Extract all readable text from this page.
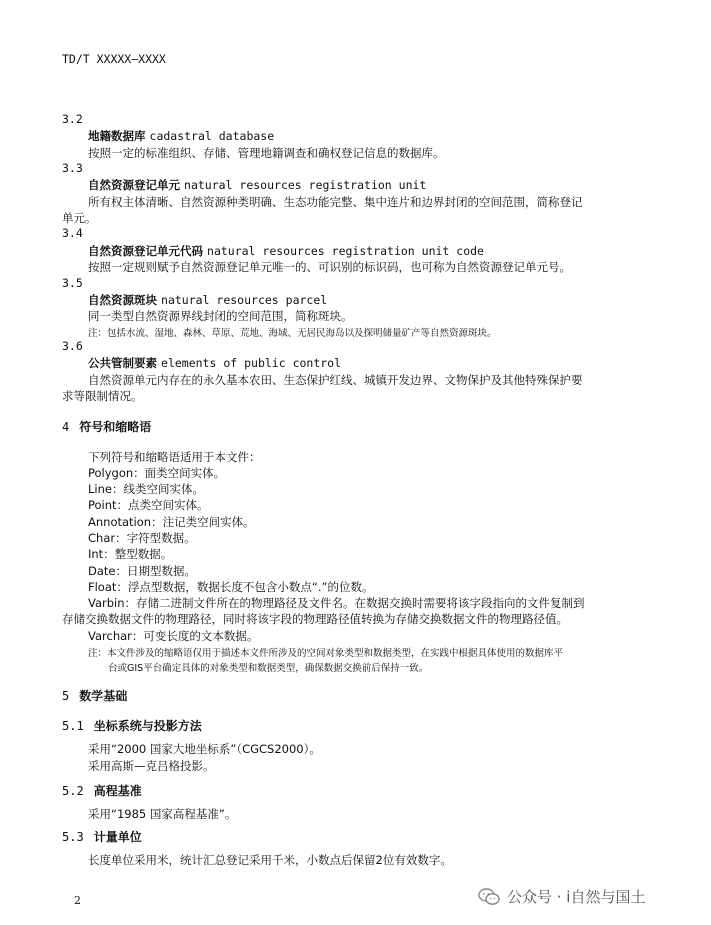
TD/T XXXXX—XXXX
3.2
地籍数据库 cadastral database
按照一定的标准组织、存储、管理地籍调查和确权登记信息的数据库。
3.3
自然资源登记单元 natural resources registration unit
所有权主体清晰、自然资源种类明确、生态功能完整、集中连片和边界封闭的空间范围，简称登记
单元。
3.4
自然资源登记单元代码 natural resources registration unit code
按照一定规则赋予自然资源登记单元唯一的、可识别的标识码，也可称为自然资源登记单元号。
3.5
自然资源斑块 natural resources parcel
同一类型自然资源界线封闭的空间范围，简称斑块。
注：包括水流、湿地、森林、草原、荒地、海域、无居民海岛以及探明储量矿产等自然资源斑块。
3.6
公共管制要素 elements of public control
自然资源单元内存在的永久基本农田、生态保护红线、城镇开发边界、文物保护及其他特殊保护要
求等限制情况。
4 符号和缩略语
下列符号和缩略语适用于本文件：
Polygon：面类空间实体。
Line：线类空间实体。
Point：点类空间实体。
Annotation：注记类空间实体。
Char：字符型数据。
Int：整型数据。
Date：日期型数据。
Float：浮点型数据，数据长度不包含小数点“.”的位数。
Varbin：存储二进制文件所在的物理路径及文件名。在数据交换时需要将该字段指向的文件复制到
存储交换数据文件的物理路径，同时将该字段的物理路径值转换为存储交换数据文件的物理路径值。
Varchar：可变长度的文本数据。
注：本文件涉及的缩略语仅用于描述本文件所涉及的空间对象类型和数据类型，在实践中根据具体使用的数据库平
台或GIS平台确定具体的对象类型和数据类型，确保数据交换前后保持一致。
5 数学基础
5.1 坐标系统与投影方法
采用“2000 国家大地坐标系”（CGCS2000）。
采用高斯—克吕格投影。
5.2 高程基准
采用“1985 国家高程基准”。
5.3 计量单位
长度单位采用米，统计汇总登记采用千米，小数点后保留2位有效数字。
2	公众号 · i自然与国土
